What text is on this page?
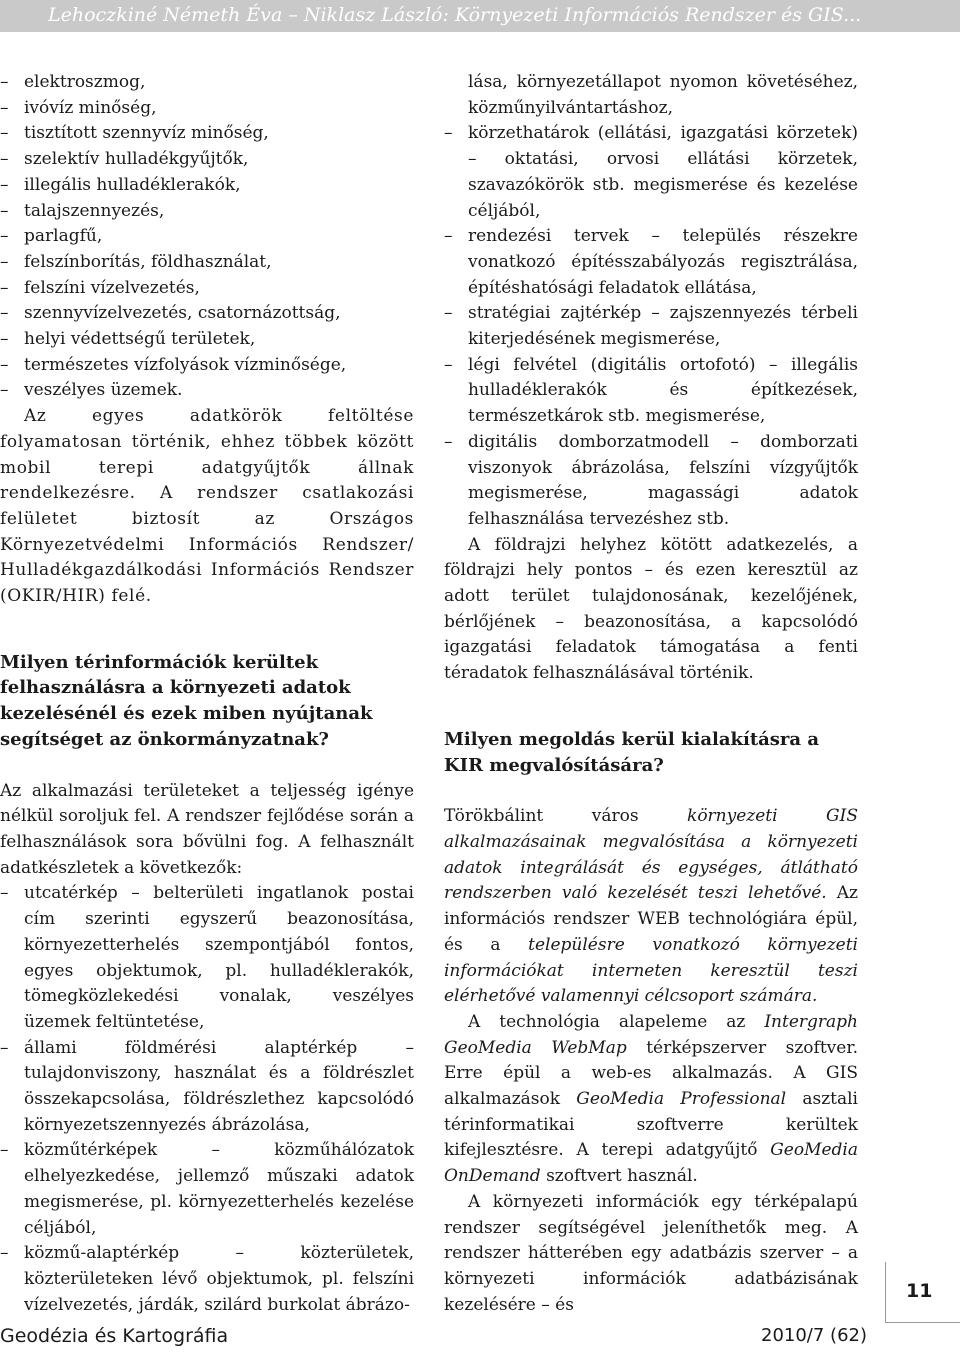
Lehoczkiné Németh Éva – Niklasz László: Környezeti Információs Rendszer és GIS...
– elektroszmog,
– ivóvíz minőség,
– tisztított szennyvíz minőség,
– szelektív hulladékgyűjtők,
– illegális hulladéklerakók,
– talajszennyezés,
– parlagfű,
– felszínborítás, földhasználat,
– felszíni vízelvezetés,
– szennyvízelvezetés, csatornázottság,
– helyi védettségű területek,
– természetes vízfolyások vízminősége,
– veszélyes üzemek.

Az egyes adatkörök feltöltése folyamatosan történik, ehhez többek között mobil terepi adatgyűjtők állnak rendelkezésre. A rendszer csatlakozási felületet biztosít az Országos Környezetvédelmi Információs Rendszer/ Hulladékgazdálkodási Információs Rendszer (OKIR/HIR) felé.

Milyen térinformációk kerültek felhasználásra a környezeti adatok kezelésénél és ezek miben nyújtanak segítséget az önkormányzatnak?

Az alkalmazási területeket a teljesség igénye nélkül soroljuk fel. A rendszer fejlődése során a felhasználások sora bővülni fog. A felhasznált adatkészletek a következők:

– utcatérkép – belterületi ingatlanok postai cím szerinti egyszerű beazonosítása, környezetterhelés szempontjából fontos, egyes objektumok, pl. hulladéklerakók, tömegközlekedési vonalak, veszélyes üzemek feltüntetése,
– állami földmérési alaptérkép – tulajdonviszony, használat és a földrészlet összekapcsolása, földrészlethez kapcsolódó környezetszennyezés ábrázolása,
– közműtérképek – közműhálózatok elhelyezkedése, jellemző műszaki adatok megismerése, pl. környezetterhelés kezelése céljából,
– közmű-alaptérkép – közterületek, közterületeken lévő objektumok, pl. felszíni vízelvezetés, járdák, szilárd burkolat ábrázo-
lása, környezetállapot nyomon követéséhez, közműnyilvántartáshoz,
– körzethatárok (ellátási, igazgatási körzetek) – oktatási, orvosi ellátási körzetek, szavazókörök stb. megismerése és kezelése céljából,
– rendezési tervek – település részekre vonatkozó építésszabályozás regisztrálása, építéshatósági feladatok ellátása,
– stratégiai zajtérkép – zajszennyezés térbeli kiterjedésének megismerése,
– légi felvétel (digitális ortofotó) – illegális hulladéklerakók és építkezések, természetkárok stb. megismerése,
– digitális domborzatmodell – domborzati viszonyok ábrázolása, felszíni vízgyűjtők megismerése, magassági adatok felhasználása tervezéshez stb.

A földrajzi helyhez kötött adatkezelés, a földrajzi hely pontos – és ezen keresztül az adott terület tulajdonosának, kezelőjének, bérlőjének – beazonosítása, a kapcsolódó igazgatási feladatok támogatása a fenti téradatok felhasználásával történik.

Milyen megoldás kerül kialakításra a KIR megvalósítására?

Törökbálint város környezeti GIS alkalmazásainak megvalósítása a környezeti adatok integrálását és egységes, átlátható rendszerben való kezelését teszi lehetővé. Az információs rendszer WEB technológiára épül, és a településre vonatkozó környezeti információkat interneten keresztül teszi elérhetővé valamennyi célcsoport számára.

A technológia alapeleme az Intergraph GeoMedia WebMap térképszerver szoftver. Erre épül a web-es alkalmazás. A GIS alkalmazások GeoMedia Professional asztali térinformatikai szoftverre kerültek kifejlesztésre. A terepi adatgyűjtő GeoMedia OnDemand szoftvert használ.

A környezeti információk egy térképalapú rendszer segítségével jeleníthetők meg. A rendszer hátterében egy adatbázis szerver – a környezeti információk adatbázisának kezelésére – és

11
Geodézia és Kartográfia	2010/7 (62)
